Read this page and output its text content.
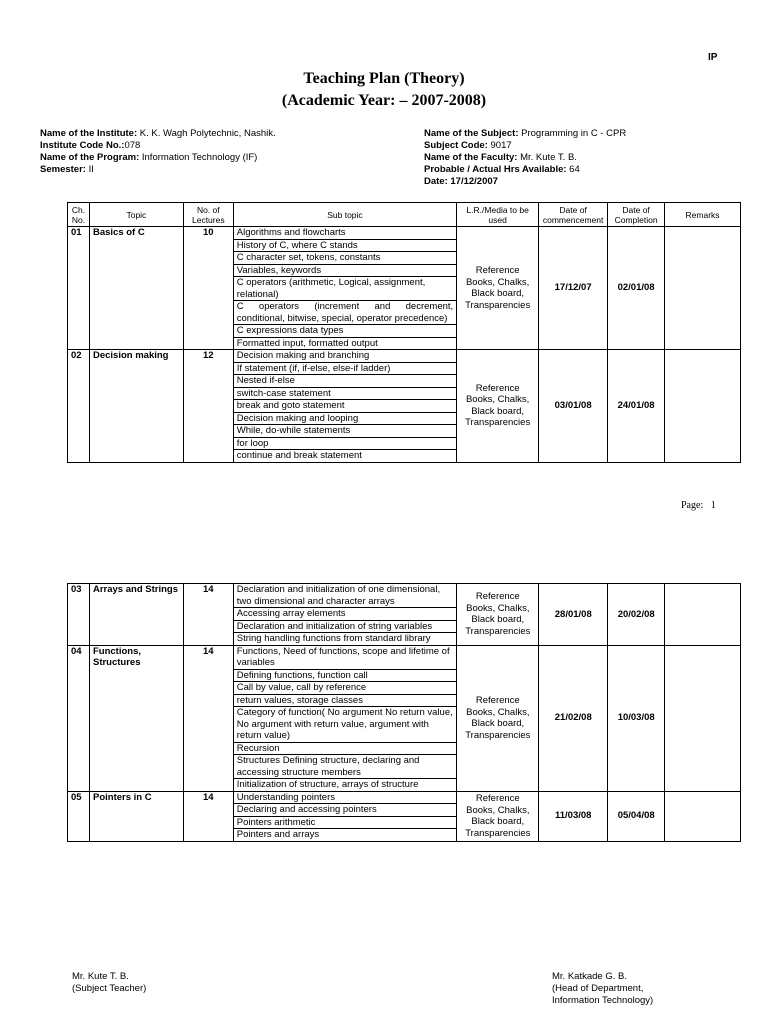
IP
Teaching Plan (Theory)
(Academic Year: – 2007-2008)
Name of the Institute: K. K. Wagh Polytechnic, Nashik.
Institute Code No.:078
Name of the Program: Information Technology (IF)
Semester: II
Name of the Subject: Programming in C - CPR
Subject Code: 9017
Name of the Faculty: Mr. Kute T. B.
Probable / Actual Hrs Available: 64
Date: 17/12/2007
Ch. No.	Topic	No. of Lectures	Sub topic	L.R./Media to be used	Date of commencement	Date of Completion	Remarks
01	Basics of C	10	Algorithms and flowcharts	Reference Books, Chalks, Black board, Transparencies	17/12/07	02/01/08	
			History of C, where C stands				
			C character set, tokens, constants				
			Variables, keywords				
			C operators (arithmetic, Logical, assignment, relational)				
			C operators (increment and decrement, conditional, bitwise, special, operator precedence)				
			C expressions data types				
			Formatted input, formatted output				
02	Decision making	12	Decision making and branching	Reference Books, Chalks, Black board, Transparencies	03/01/08	24/01/08	
			If statement (if, if-else, else-if ladder)				
			Nested if-else				
			switch-case statement				
			break and goto statement				
			Decision making and looping				
			While, do-while statements				
			for loop				
			continue and break statement				
Page: 1
03	Arrays and Strings	14	Declaration and initialization of one dimensional, two dimensional and character arrays	Reference Books, Chalks, Black board, Transparencies	28/01/08	20/02/08	
			Accessing array elements				
			Declaration and initialization of string variables				
			String handling functions from standard library				
04	Functions, Structures	14	Functions, Need of functions, scope and lifetime of variables	Reference Books, Chalks, Black board, Transparencies	21/02/08	10/03/08	
			Defining functions, function call				
			Call by value, call by reference				
			return values, storage classes				
			Category of function( No argument No return value, No argument with return value, argument with return value)				
			Recursion				
			Structures Defining structure, declaring and accessing structure members				
			Initialization of structure, arrays of structure				
05	Pointers in C	14	Understanding pointers	Reference Books, Chalks, Black board, Transparencies	11/03/08	05/04/08	
			Declaring and accessing pointers				
			Pointers arithmetic				
			Pointers and arrays				
Mr. Kute T. B.
(Subject Teacher)
Mr. Katkade G. B.
(Head of Department,
Information Technology)
